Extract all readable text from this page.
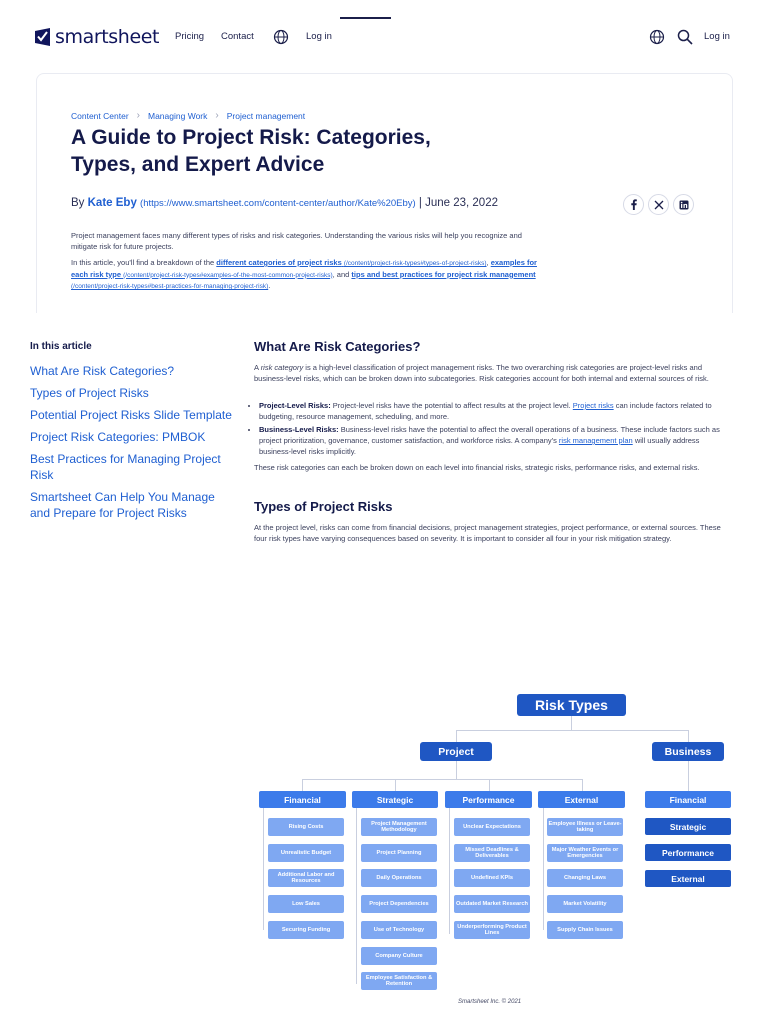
smartsheet Pricing Contact	Log in	Log in
Content Center › Managing Work › Project management
A Guide to Project Risk: Categories, Types, and Expert Advice
By Kate Eby (https://www.smartsheet.com/content-center/author/Kate%20Eby) | June 23, 2022

Project management faces many different types of risks and risk categories. Understanding the various risks will help you recognize and mitigate risk for future projects.

In this article, you'll find a breakdown of the different categories of project risks (/content/project-risk-types#types-of-project-risks), examples for each risk type (/content/project-risk-types#examples-of-the-most-common-project-risks), and tips and best practices for project risk management (/content/project-risk-types#best-practices-for-managing-project-risk).

In this article
What Are Risk Categories?
Types of Project Risks
Potential Project Risks Slide Template
Project Risk Categories: PMBOK
Best Practices for Managing Project Risk
Smartsheet Can Help You Manage and Prepare for Project Risks
What Are Risk Categories?

A risk category is a high-level classification of project management risks. The two overarching risk categories are project-level risks and business-level risks, which can be broken down into subcategories. Risk categories account for both internal and external sources of risk.

• Project-Level Risks: Project-level risks have the potential to affect results at the project level. Project risks can include factors related to budgeting, resource management, scheduling, and more.
• Business-Level Risks: Business-level risks have the potential to affect the overall operations of a business. These include factors such as project prioritization, governance, customer satisfaction, and workforce risks. A company's risk management plan will usually address business-level risks implicitly.

These risk categories can each be broken down on each level into financial risks, strategic risks, performance risks, and external risks.

Types of Project Risks

At the project level, risks can come from financial decisions, project management strategies, project performance, or external sources. These four risk types have varying consequences based on severity. It is important to consider all four in your risk mitigation strategy.

Risk Types
Project	Business
Financial	Strategic	Performance	External	Financial
Strategic
Performance
External
Rising Costs
Unrealistic Budget
Additional Labor and Resources
Low Sales
Securing Funding
Project Management Methodology
Project Planning
Daily Operations
Project Dependencies
Use of Technology
Company Culture
Employee Satisfaction & Retention
Unclear Expectations
Missed Deadlines & Deliverables
Undefined KPIs
Outdated Market Research
Underperforming Product Lines
Employee Illness or Leave-taking
Major Weather Events or Emergencies
Changing Laws
Market Volatility
Supply Chain Issues
Smartsheet Inc. © 2021
